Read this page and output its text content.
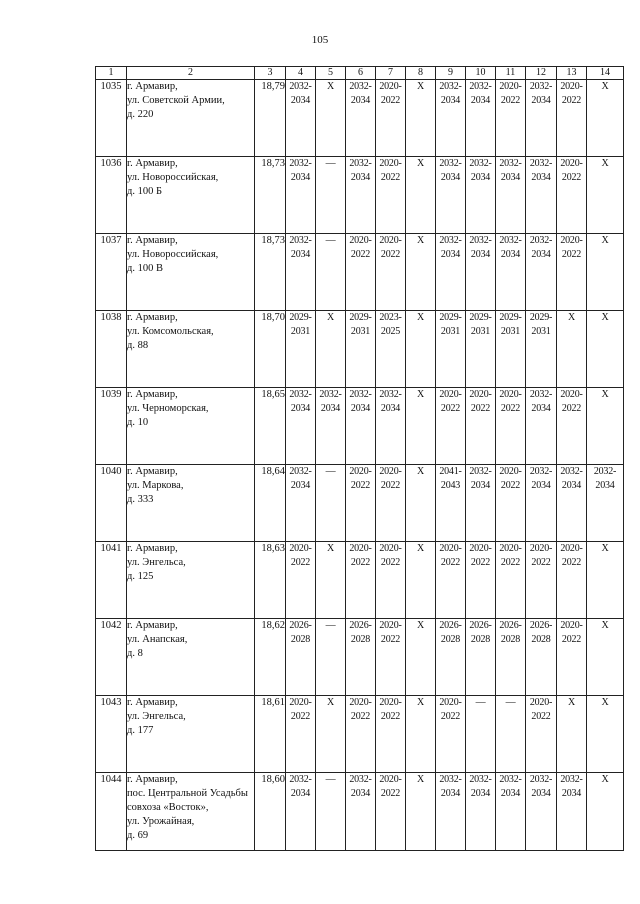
105
1	2	3	4	5	6	7	8	9	10	11	12	13	14
1035	г. Армавир,
ул. Советской Армии,
д. 220	18,79	2032-
2034	X	2032-
2034	2020-
2022	X	2032-
2034	2032-
2034	2020-
2022	2032-
2034	2020-
2022	X
1036	г. Армавир,
ул. Новороссийская,
д. 100 Б	18,73	2032-
2034	—	2032-
2034	2020-
2022	X	2032-
2034	2032-
2034	2032-
2034	2032-
2034	2020-
2022	X
1037	г. Армавир,
ул. Новороссийская,
д. 100 В	18,73	2032-
2034	—	2020-
2022	2020-
2022	X	2032-
2034	2032-
2034	2032-
2034	2032-
2034	2020-
2022	X
1038	г. Армавир,
ул. Комсомольская,
д. 88	18,70	2029-
2031	X	2029-
2031	2023-
2025	X	2029-
2031	2029-
2031	2029-
2031	2029-
2031	X	X
1039	г. Армавир,
ул. Черноморская,
д. 10	18,65	2032-
2034	2032-
2034	2032-
2034	2032-
2034	X	2020-
2022	2020-
2022	2020-
2022	2032-
2034	2020-
2022	X
1040	г. Армавир,
ул. Маркова,
д. 333	18,64	2032-
2034	—	2020-
2022	2020-
2022	X	2041-
2043	2032-
2034	2020-
2022	2032-
2034	2032-
2034	2032-
2034
1041	г. Армавир,
ул. Энгельса,
д. 125	18,63	2020-
2022	X	2020-
2022	2020-
2022	X	2020-
2022	2020-
2022	2020-
2022	2020-
2022	2020-
2022	X
1042	г. Армавир,
ул. Анапская,
д. 8	18,62	2026-
2028	—	2026-
2028	2020-
2022	X	2026-
2028	2026-
2028	2026-
2028	2026-
2028	2020-
2022	X
1043	г. Армавир,
ул. Энгельса,
д. 177	18,61	2020-
2022	X	2020-
2022	2020-
2022	X	2020-
2022	—	—	2020-
2022	X	X
1044	г. Армавир,
пос. Центральной Усадьбы
совхоза «Восток»,
ул. Урожайная,
д. 69	18,60	2032-
2034	—	2032-
2034	2020-
2022	X	2032-
2034	2032-
2034	2032-
2034	2032-
2034	2032-
2034	X
